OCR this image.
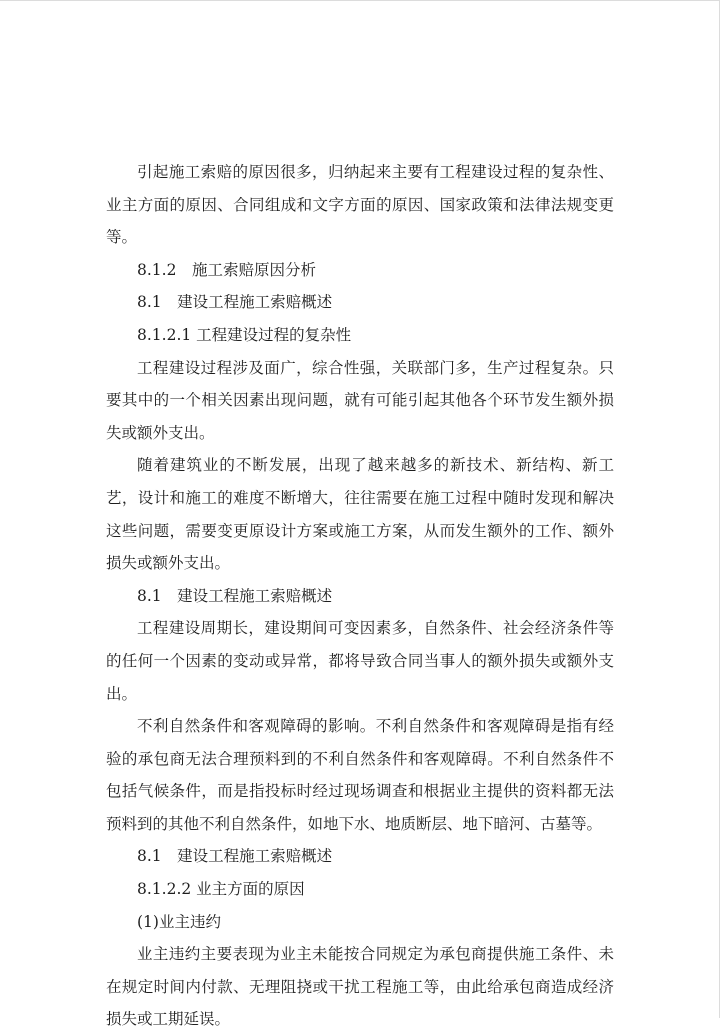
引起施工索赔的原因很多，归纳起来主要有工程建设过程的复杂性、业主方面的原因、合同组成和文字方面的原因、国家政策和法律法规变更等。

8.1.2　施工索赔原因分析

8.1　建设工程施工索赔概述

8.1.2.1 工程建设过程的复杂性

工程建设过程涉及面广，综合性强，关联部门多，生产过程复杂。只要其中的一个相关因素出现问题，就有可能引起其他各个环节发生额外损失或额外支出。

随着建筑业的不断发展，出现了越来越多的新技术、新结构、新工艺，设计和施工的难度不断增大，往往需要在施工过程中随时发现和解决这些问题，需要变更原设计方案或施工方案，从而发生额外的工作、额外损失或额外支出。

8.1　建设工程施工索赔概述

工程建设周期长，建设期间可变因素多，自然条件、社会经济条件等的任何一个因素的变动或异常，都将导致合同当事人的额外损失或额外支出。

不利自然条件和客观障碍的影响。不利自然条件和客观障碍是指有经验的承包商无法合理预料到的不利自然条件和客观障碍。不利自然条件不包括气候条件，而是指投标时经过现场调查和根据业主提供的资料都无法预料到的其他不利自然条件，如地下水、地质断层、地下暗河、古墓等。

8.1　建设工程施工索赔概述

8.1.2.2 业主方面的原因

(1)业主违约

业主违约主要表现为业主未能按合同规定为承包商提供施工条件、未在规定时间内付款、无理阻挠或干扰工程施工等，由此给承包商造成经济损失或工期延误。
